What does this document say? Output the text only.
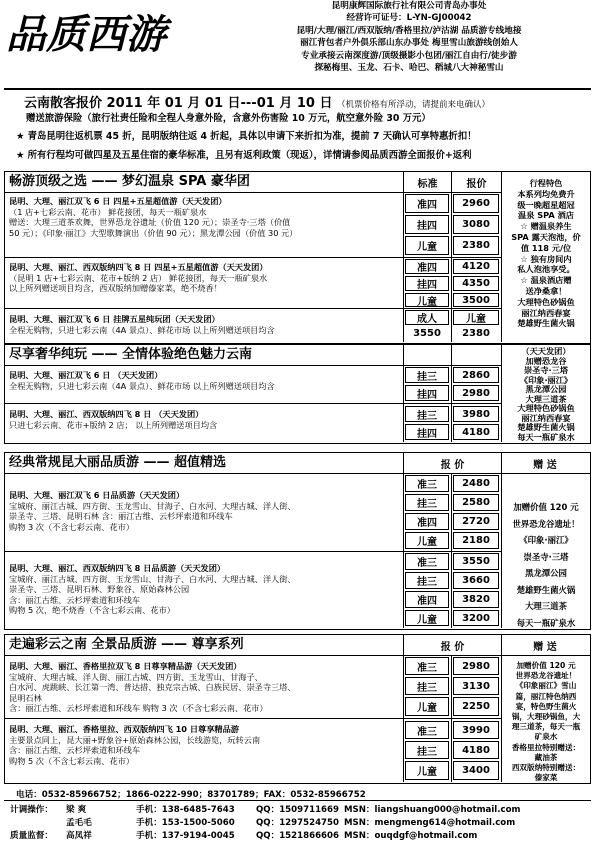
品质西游
昆明康辉国际旅行社有限公司青岛办事处
经营许可证号：L-YN-GJ00042
昆明/大理/丽江/西双版纳/香格里拉/泸沽湖 品质游专线地接
丽江背包者户外俱乐部山东办事处 梅里雪山旅游线创始人
专业承接云南深度游/顶级摄影小包团/丽江自由行/徒步游
探秘梅里、玉龙、石卡、哈巴、稻城八大神秘雪山
云南散客报价 2011 年 01 月 01 日---01 月 10 日 （机票价格有所浮动，请提前来电确认）
赠送旅游保险（旅行社责任险和全程人身意外险，含意外伤害险 10 万元，航空意外险 30 万元）
★ 青岛昆明往返机票 45 折，昆明版纳往返 4 折起，具体以申请下来折扣为准，提前 7 天确认可享特惠折扣！
★ 所有行程均可做四星及五星住宿的豪华标准，且另有返利政策（现返），详情请参阅品质西游全面报价+返利
畅游顶级之选 —— 梦幻温泉 SPA 豪华团	标准	报价
昆明、大理、丽江双飞 6 日 四星+五星超值游（天天发团）
（1 店+七彩云南、花市） 鲜花接团，每天一瓶矿泉水
赠送：大理三道茶欢舞，世界恐龙谷遗址（价值 120 元）；崇圣寺·三塔（价值
50 元）；《印象·丽江》大型歌舞演出（价值 90 元）；黑龙潭公园（价值 30 元）
昆明、大理、丽江、西双版纳四飞 8 日 四星+五星超值游（天天发团）
（昆明 1 店+七彩云南、花市+版纳 2 店） 鲜花接团，每天一瓶矿泉水
以上所列赠送项目均含，西双版纳加赠傣家菜，绝不烧香！
昆明、大理、丽江双飞 6 日 挂牌五星纯玩团（天天发团）
全程无购物，只进七彩云南（4A 景点）、鲜花市场 以上所列赠送项目均含
准四	2960
挂四	3080
儿童	2380
准四	4120
挂四	4350
儿童	3500
成人	儿童
3550	2380
行程特色
本系列均免费升
级一晚超星超冠
温泉 SPA 酒店
☆ 赠温泉养生
SPA 露天泡池，价
值 118 元/位
☆ 独有房间内
私人泡池享受。
☆ 温泉酒店赠
送净桑拿！
大理特色砂锅鱼
丽江纳西春宴
楚雄野生菌火锅
尽享奢华纯玩 —— 全情体验绝色魅力云南
昆明、大理、丽江双飞 6 日 （天天发团）
全程无购物，只进七彩云南（4A 景点）、鲜花市场 以上所列赠送项目均含
昆明、大理、丽江、西双版纳四飞 8 日 （天天发团）
只进七彩云南、花市+版纳 2 店； 以上所列赠送项目均含
挂三	2860
挂四	2980
挂三	3980
挂四	4180
（天天发团）
加赠恐龙谷
崇圣寺·三塔
《印象·丽江》
黑龙潭公园
大理三道茶
大理特色砂锅鱼
丽江纳西春宴
楚雄野生菌火锅
每天一瓶矿泉水
经典常规昆大丽品质游 —— 超值精选	报 价	赠 送
昆明、大理、丽江双飞 6 日品质游（天天发团）
宝城府、丽江古城、四方街、玉龙雪山、甘海子、白水河、大理古城、洋人街、
崇圣寺、三塔、昆明石林 含：丽江古维、云杉坪索道和环线车
购物 3 次（不含七彩云南、花市）
昆明、大理、丽江、西双版纳四飞 8 日品质游（天天发团）
宝城府、丽江古城、四方街、玉龙雪山、甘海子、白水河、大理古城、洋人街、
崇圣寺、三塔、昆明石林、野象谷、原始森林公园
含：丽江古维、云杉坪索道和环线车
购物 5 次，绝不烧香（不含七彩云南、花市）
准三	2480
挂三	2580
准四	2720
儿童	2180
准三	3550
挂三	3660
准四	3820
儿童	3200
加赠价值 120 元
世界恐龙谷遗址！
《印象·丽江》
崇圣寺·三塔
黑龙潭公园
楚雄野生菌火锅
大理三道茶
每天一瓶矿泉水
走遍彩云之南 全景品质游 —— 尊享系列	报 价	赠 送
昆明、大理、丽江、香格里拉双飞 8 日尊享精品游（天天发团）
宝城府、大理古城、洋人街、丽江古城、四方街、玉龙雪山、甘海子、
白水河、虎跳峡、长江第一湾、普达措、独克宗古城、白族民居、崇圣寺三塔、
昆明石林
含：丽江古维、云杉坪索道和环线车 购物 3 次（不含七彩云南、花市）
昆明、大理、丽江、香格里拉、西双版纳四飞 10 日尊享精品游
主要景点同上，昆大丽+野象谷+原始森林公园，长线游览，玩转云南
含：丽江古维、云杉坪索道和环线车
购物 5 次（不含七彩云南、花市）
准三	2980
挂三	3130
儿童	2250
准三	3990
挂三	4180
儿童	3400
加赠价值 120 元
世界恐龙谷遗址！
《印象丽江》雪山
篇，丽江特色纳西
宴，特色野生菌火
锅，大理砂锅鱼，大
理三道茶，每天一瓶
矿泉水
香格里拉特别赠送：
藏油茶
西双版纳特别赠送：
傣家菜
电话：0532-85966752；1866-0222-990；83701789；FAX：0532-85966752
计调操作： 梁 爽	手机：138-6485-7643 QQ：1509711669 MSN：liangshuang000@hotmail.com
孟毛毛	手机：153-1500-5060 QQ：1297524750 MSN：mengmeng614@hotmail.com
质量监督： 高凤祥	手机：137-9194-0045 QQ：1521866606 MSN：ouqdgf@hotmail.com
